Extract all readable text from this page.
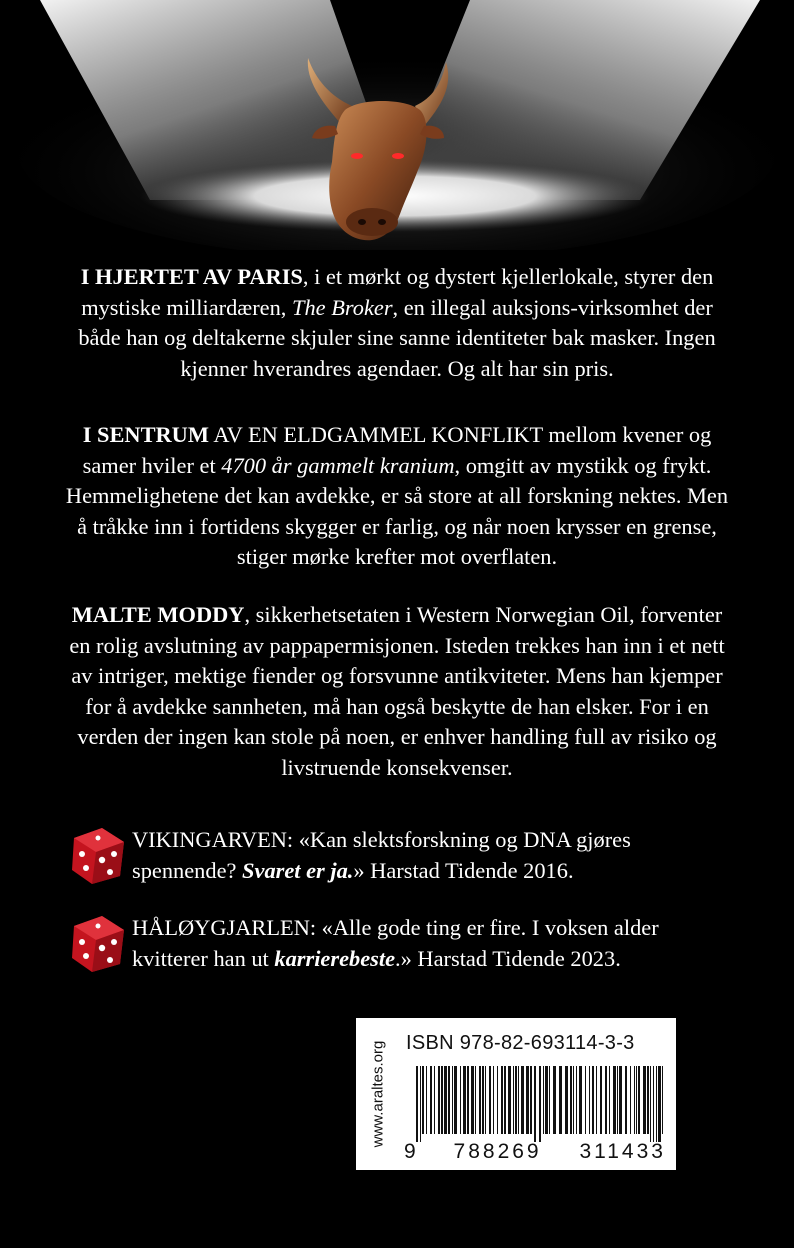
I HJERTET AV PARIS, i et mørkt og dystert kjellerlokale, styrer den mystiske milliardæren, The Broker, en illegal auksjons-virksomhet der både han og deltakerne skjuler sine sanne identiteter bak masker. Ingen kjenner hverandres agendaer. Og alt har sin pris.
I SENTRUM AV EN ELDGAMMEL KONFLIKT mellom kvener og samer hviler et 4700 år gammelt kranium, omgitt av mystikk og frykt. Hemmelighetene det kan avdekke, er så store at all forskning nektes. Men å tråkke inn i fortidens skygger er farlig, og når noen krysser en grense, stiger mørke krefter mot overflaten.
MALTE MODDY, sikkerhetsetaten i Western Norwegian Oil, forventer en rolig avslutning av pappapermisjonen. Isteden trekkes han inn i et nett av intriger, mektige fiender og forsvunne antikviteter. Mens han kjemper for å avdekke sannheten, må han også beskytte de han elsker. For i en verden der ingen kan stole på noen, er enhver handling full av risiko og livstruende konsekvenser.
VIKINGARVEN: «Kan slektsforskning og DNA gjøres spennende? Svaret er ja.» Harstad Tidende 2016.
HÅLØYGJARLEN: «Alle gode ting er fire. I voksen alder kvitterer han ut karrierebeste.» Harstad Tidende 2023.
www.araltes.org ISBN 978-82-693114-3-3
9 788269 311433
